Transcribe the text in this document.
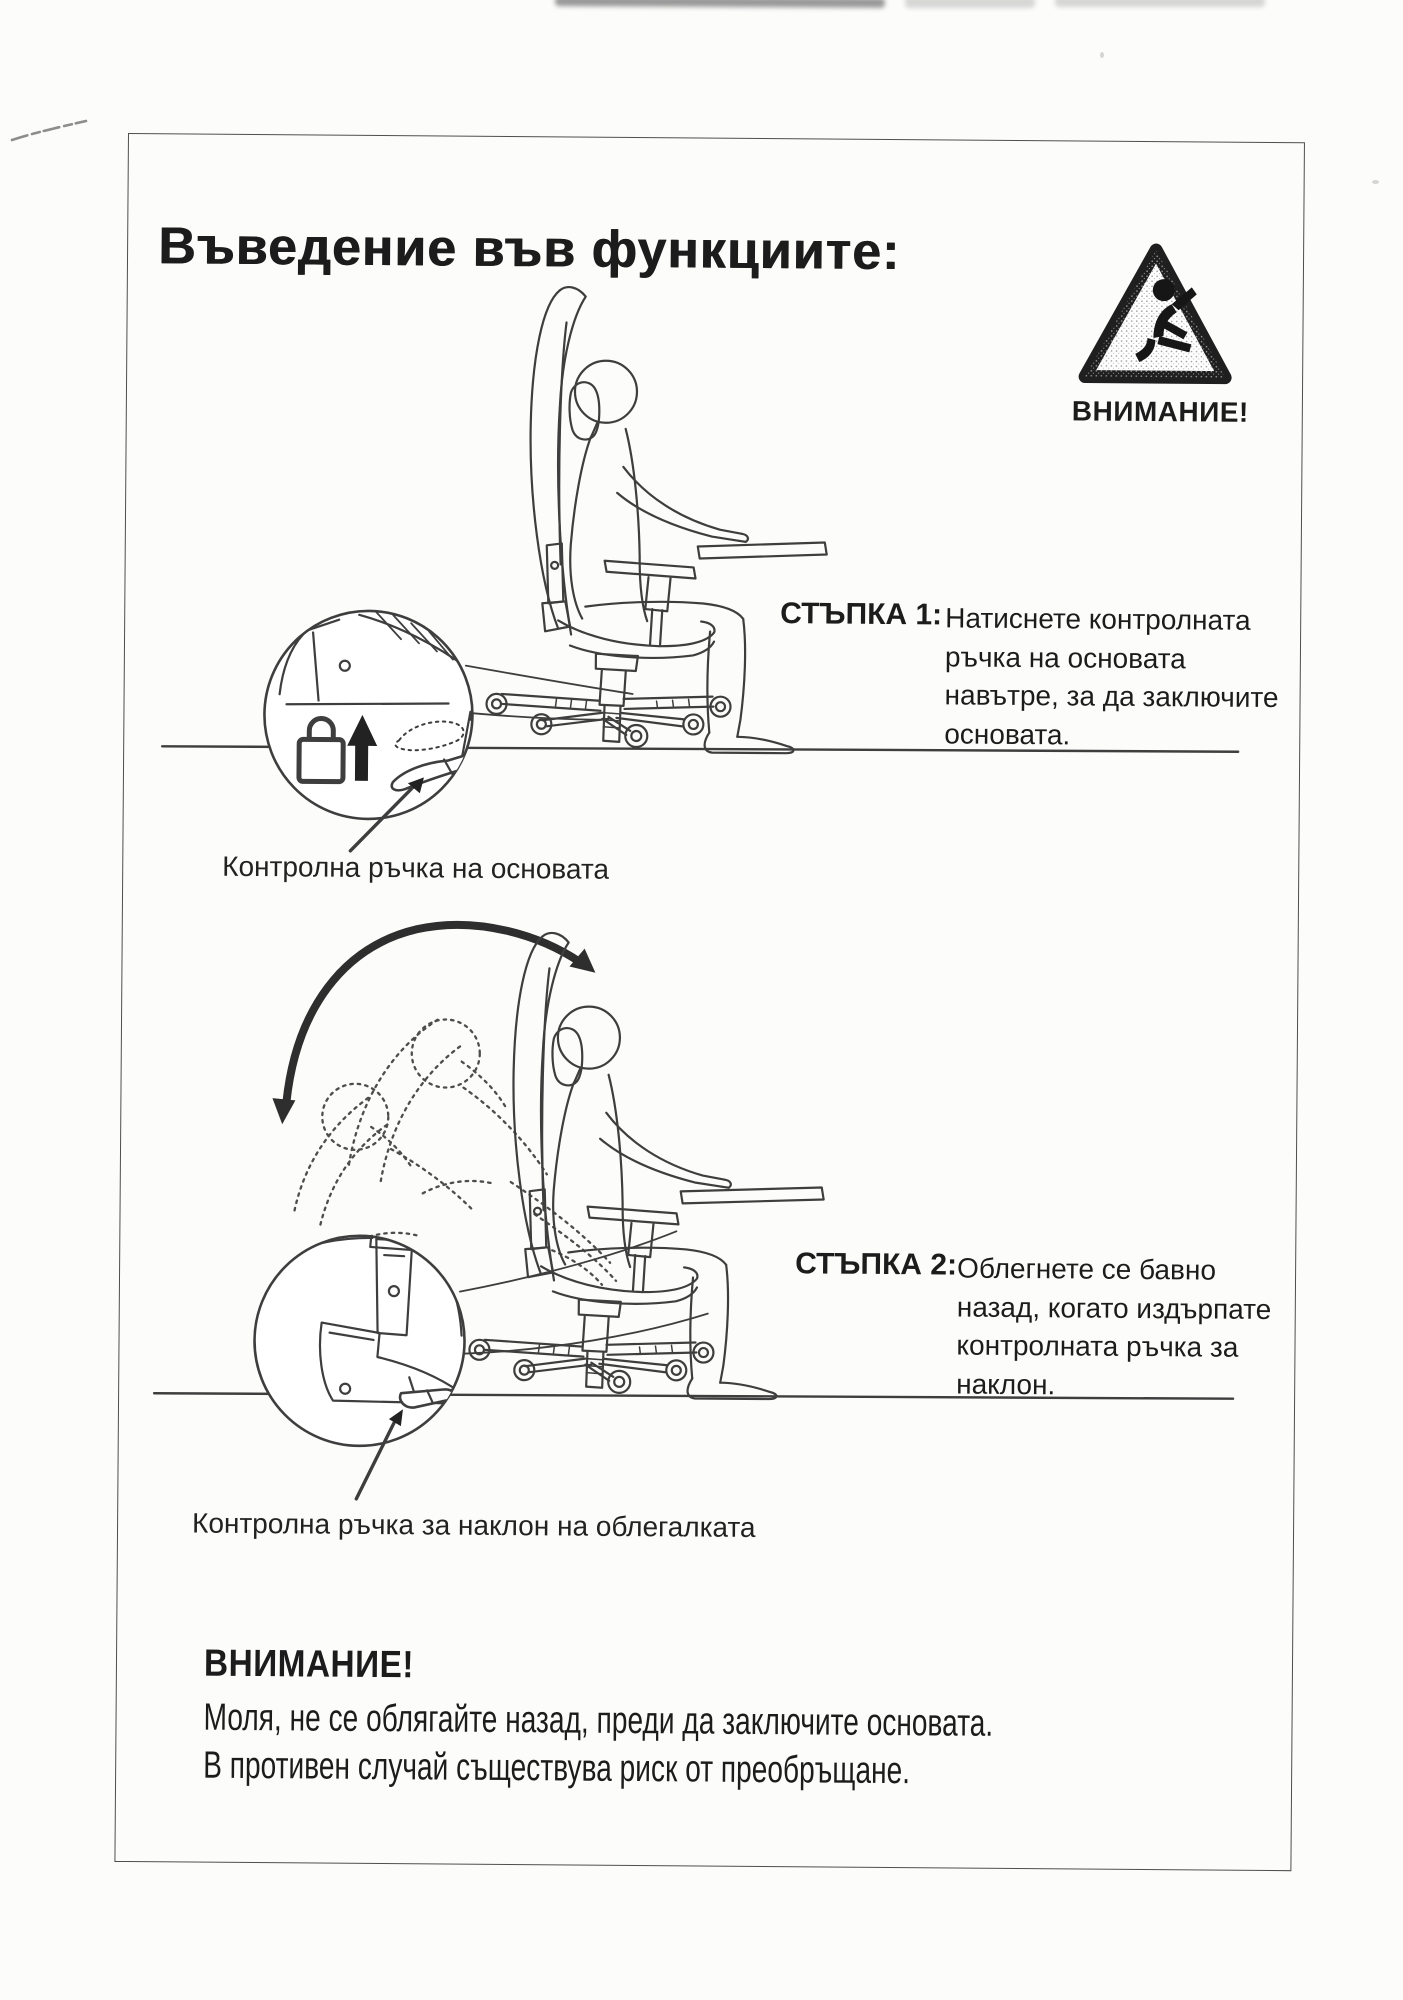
Въведение във функциите:
ВНИМАНИЕ!
СТЪПКА 1: Натиснете контролната ръчка на основата навътре, за да заключите основата.
Контролна ръчка на основата
СТЪПКА 2: Облегнете се бавно назад, когато издърпате контролната ръчка за наклон.
Контролна ръчка за наклон на облегалката
ВНИМАНИЕ!
Моля, не се облягайте назад, преди да заключите основата.
В противен случай съществува риск от преобръщане.
